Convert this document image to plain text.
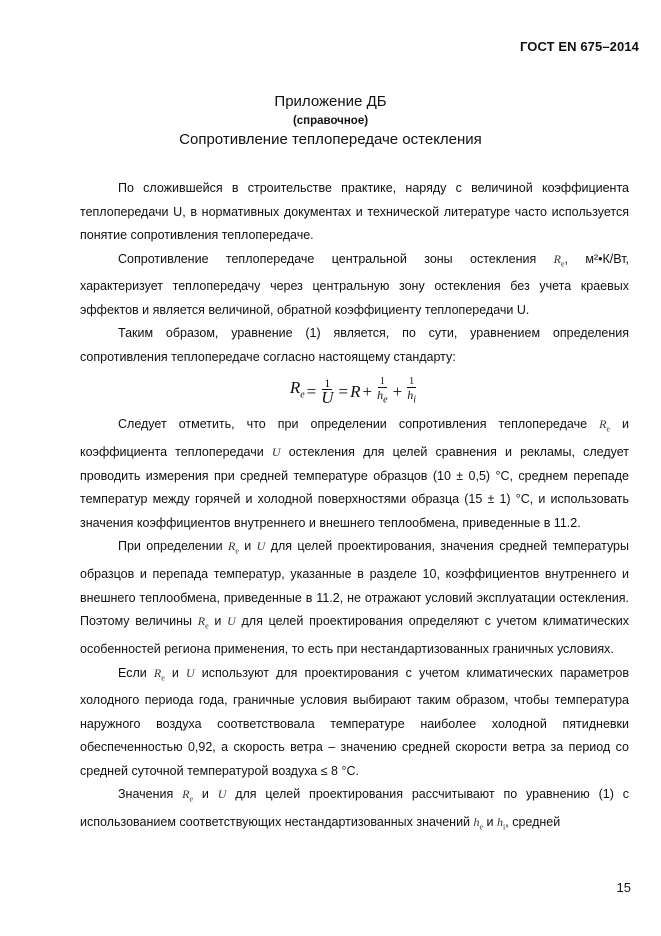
ГОСТ EN 675–2014
Приложение ДБ
(справочное)
Сопротивление теплопередаче остекления

По сложившейся в строительстве практике, наряду с величиной коэффициента теплопередачи U, в нормативных документах и технической литературе часто используется понятие сопротивления теплопередаче.

Сопротивление теплопередаче центральной зоны остекления $R_e$, м²•К/Вт, характеризует теплопередачу через центральную зону остекления без учета краевых эффектов и является величиной, обратной коэффициенту теплопередачи U.

Таким образом, уравнение (1) является, по сути, уравнением определения сопротивления теплопередаче согласно настоящему стандарту:

$R_e = \frac{1}{U} = R + \frac{1}{h_e} + \frac{1}{h_i}$

Следует отметить, что при определении сопротивления теплопередаче $R_e$ и коэффициента теплопередачи U остекления для целей сравнения и рекламы, следует проводить измерения при средней температуре образцов (10 ± 0,5) °С, среднем перепаде температур между горячей и холодной поверхностями образца (15 ± 1) °С, и использовать значения коэффициентов внутреннего и внешнего теплообмена, приведенные в 11.2.

При определении $R_e$ и U для целей проектирования, значения средней температуры образцов и перепада температур, указанные в разделе 10, коэффициентов внутреннего и внешнего теплообмена, приведенные в 11.2, не отражают условий эксплуатации остекления. Поэтому величины $R_e$ и U для целей проектирования определяют с учетом климатических особенностей региона применения, то есть при нестандартизованных граничных условиях.

Если $R_e$ и U используют для проектирования с учетом климатических параметров холодного периода года, граничные условия выбирают таким образом, чтобы температура наружного воздуха соответствовала температуре наиболее холодной пятидневки обеспеченностью 0,92, а скорость ветра – значению средней скорости ветра за период со средней суточной температурой воздуха ≤ 8 °С.

Значения $R_e$ и U для целей проектирования рассчитывают по уравнению (1) с использованием соответствующих нестандартизованных значений $h_e$ и $h_i$, средней

15
